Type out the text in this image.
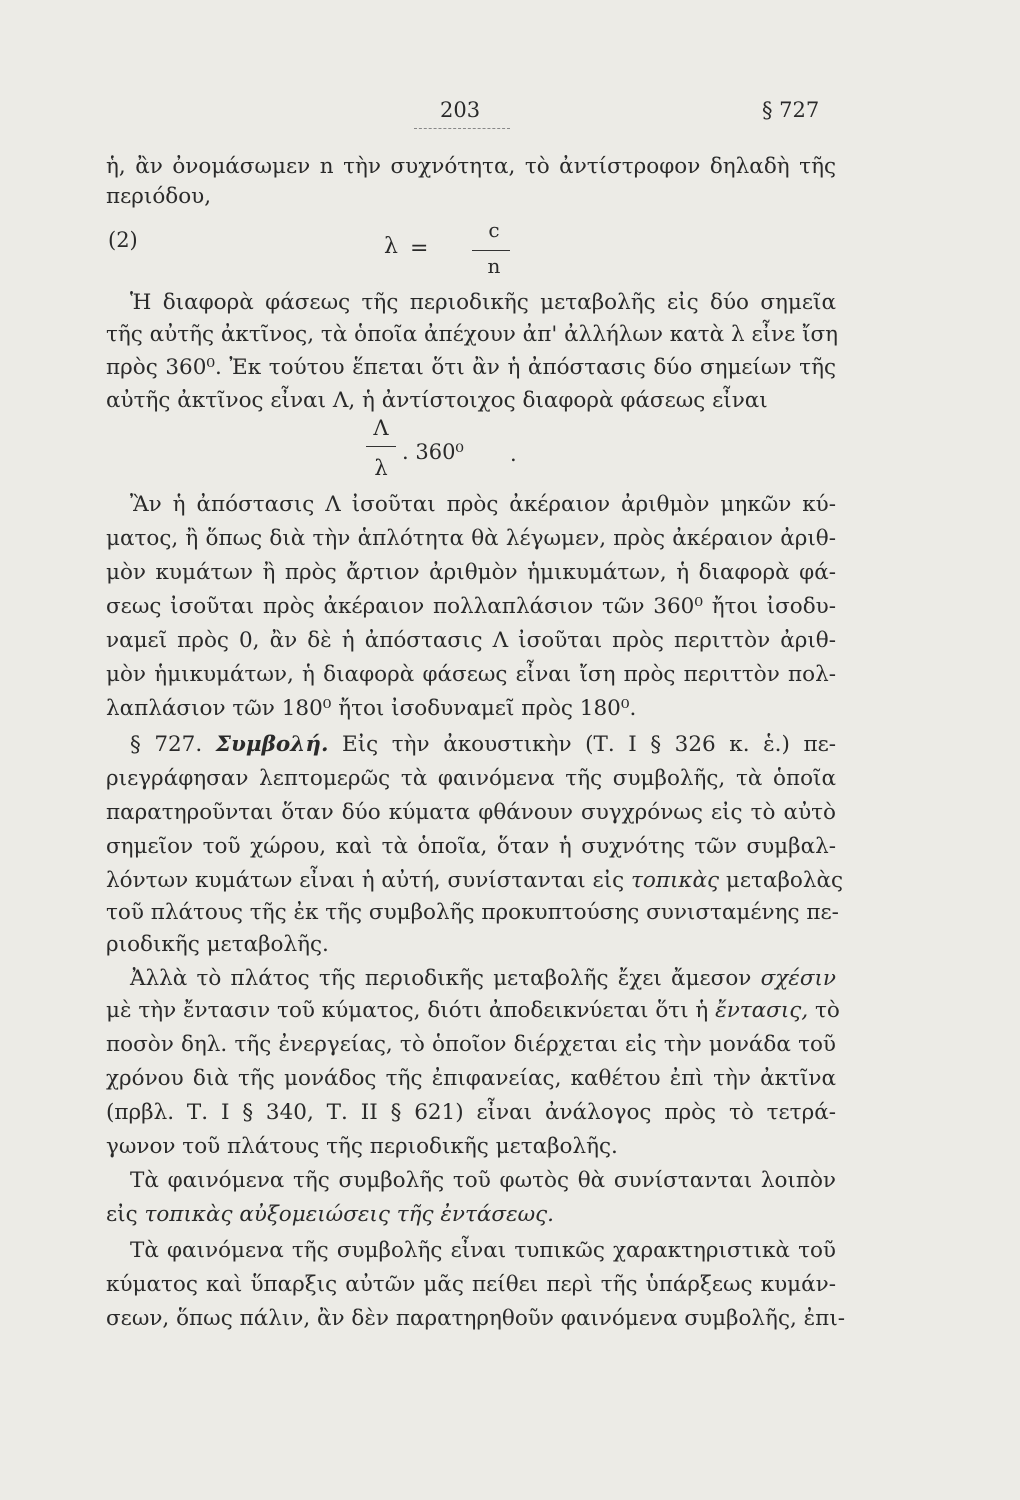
203	§ 727
ἡ, ἂν ὀνομάσωμεν n τὴν συχνότητα, τὸ ἀντίστροφον δηλαδὴ τῆς
περιόδου,
(2)	λ =
c
n
Ἡ διαφορὰ φάσεως τῆς περιοδικῆς μεταβολῆς εἰς δύο σημεῖα
τῆς αὐτῆς ἀκτῖνος, τὰ ὁποῖα ἀπέχουν ἀπ' ἀλλήλων κατὰ λ εἶνε ἴση
πρὸς 360⁰. Ἐκ τούτου ἕπεται ὅτι ἂν ἡ ἀπόστασις δύο σημείων τῆς
αὐτῆς ἀκτῖνος εἶναι Λ, ἡ ἀντίστοιχος διαφορὰ φάσεως εἶναι
Λ
λ
. 360⁰ .
Ἂν ἡ ἀπόστασις Λ ἰσοῦται πρὸς ἀκέραιον ἀριθμὸν μηκῶν κύ-
ματος, ἢ ὅπως διὰ τὴν ἁπλότητα θὰ λέγωμεν, πρὸς ἀκέραιον ἀριθ-
μὸν κυμάτων ἢ πρὸς ἄρτιον ἀριθμὸν ἡμικυμάτων, ἡ διαφορὰ φά-
σεως ἰσοῦται πρὸς ἀκέραιον πολλαπλάσιον τῶν 360⁰ ἤτοι ἰσοδυ-
ναμεῖ πρὸς 0, ἂν δὲ ἡ ἀπόστασις Λ ἰσοῦται πρὸς περιττὸν ἀριθ-
μὸν ἡμικυμάτων, ἡ διαφορὰ φάσεως εἶναι ἴση πρὸς περιττὸν πολ-
λαπλάσιον τῶν 180⁰ ἤτοι ἰσοδυναμεῖ πρὸς 180⁰.
§ 727. Συμβολή. Εἰς τὴν ἀκουστικὴν (Τ. I § 326 κ. ἑ.) πε-
ριεγράφησαν λεπτομερῶς τὰ φαινόμενα τῆς συμβολῆς, τὰ ὁποῖα
παρατηροῦνται ὅταν δύο κύματα φθάνουν συγχρόνως εἰς τὸ αὐτὸ
σημεῖον τοῦ χώρου, καὶ τὰ ὁποῖα, ὅταν ἡ συχνότης τῶν συμβαλ-
λόντων κυμάτων εἶναι ἡ αὐτή, συνίστανται εἰς τοπικὰς μεταβολὰς
τοῦ πλάτους τῆς ἐκ τῆς συμβολῆς προκυπτούσης συνισταμένης πε-
ριοδικῆς μεταβολῆς.
Ἀλλὰ τὸ πλάτος τῆς περιοδικῆς μεταβολῆς ἔχει ἄμεσον σχέσιν
μὲ τὴν ἔντασιν τοῦ κύματος, διότι ἀποδεικνύεται ὅτι ἡ ἔντασις, τὸ
ποσὸν δηλ. τῆς ἐνεργείας, τὸ ὁποῖον διέρχεται εἰς τὴν μονάδα τοῦ
χρόνου διὰ τῆς μονάδος τῆς ἐπιφανείας, καθέτου ἐπὶ τὴν ἀκτῖνα
(πρβλ. Τ. I § 340, Τ. II § 621) εἶναι ἀνάλογος πρὸς τὸ τετρά-
γωνον τοῦ πλάτους τῆς περιοδικῆς μεταβολῆς.
Τὰ φαινόμενα τῆς συμβολῆς τοῦ φωτὸς θὰ συνίστανται λοιπὸν
εἰς τοπικὰς αὐξομειώσεις τῆς ἐντάσεως.
Τὰ φαινόμενα τῆς συμβολῆς εἶναι τυπικῶς χαρακτηριστικὰ τοῦ
κύματος καὶ ὕπαρξις αὐτῶν μᾶς πείθει περὶ τῆς ὑπάρξεως κυμάν-
σεων, ὅπως πάλιν, ἂν δὲν παρατηρηθοῦν φαινόμενα συμβολῆς, ἐπι-
